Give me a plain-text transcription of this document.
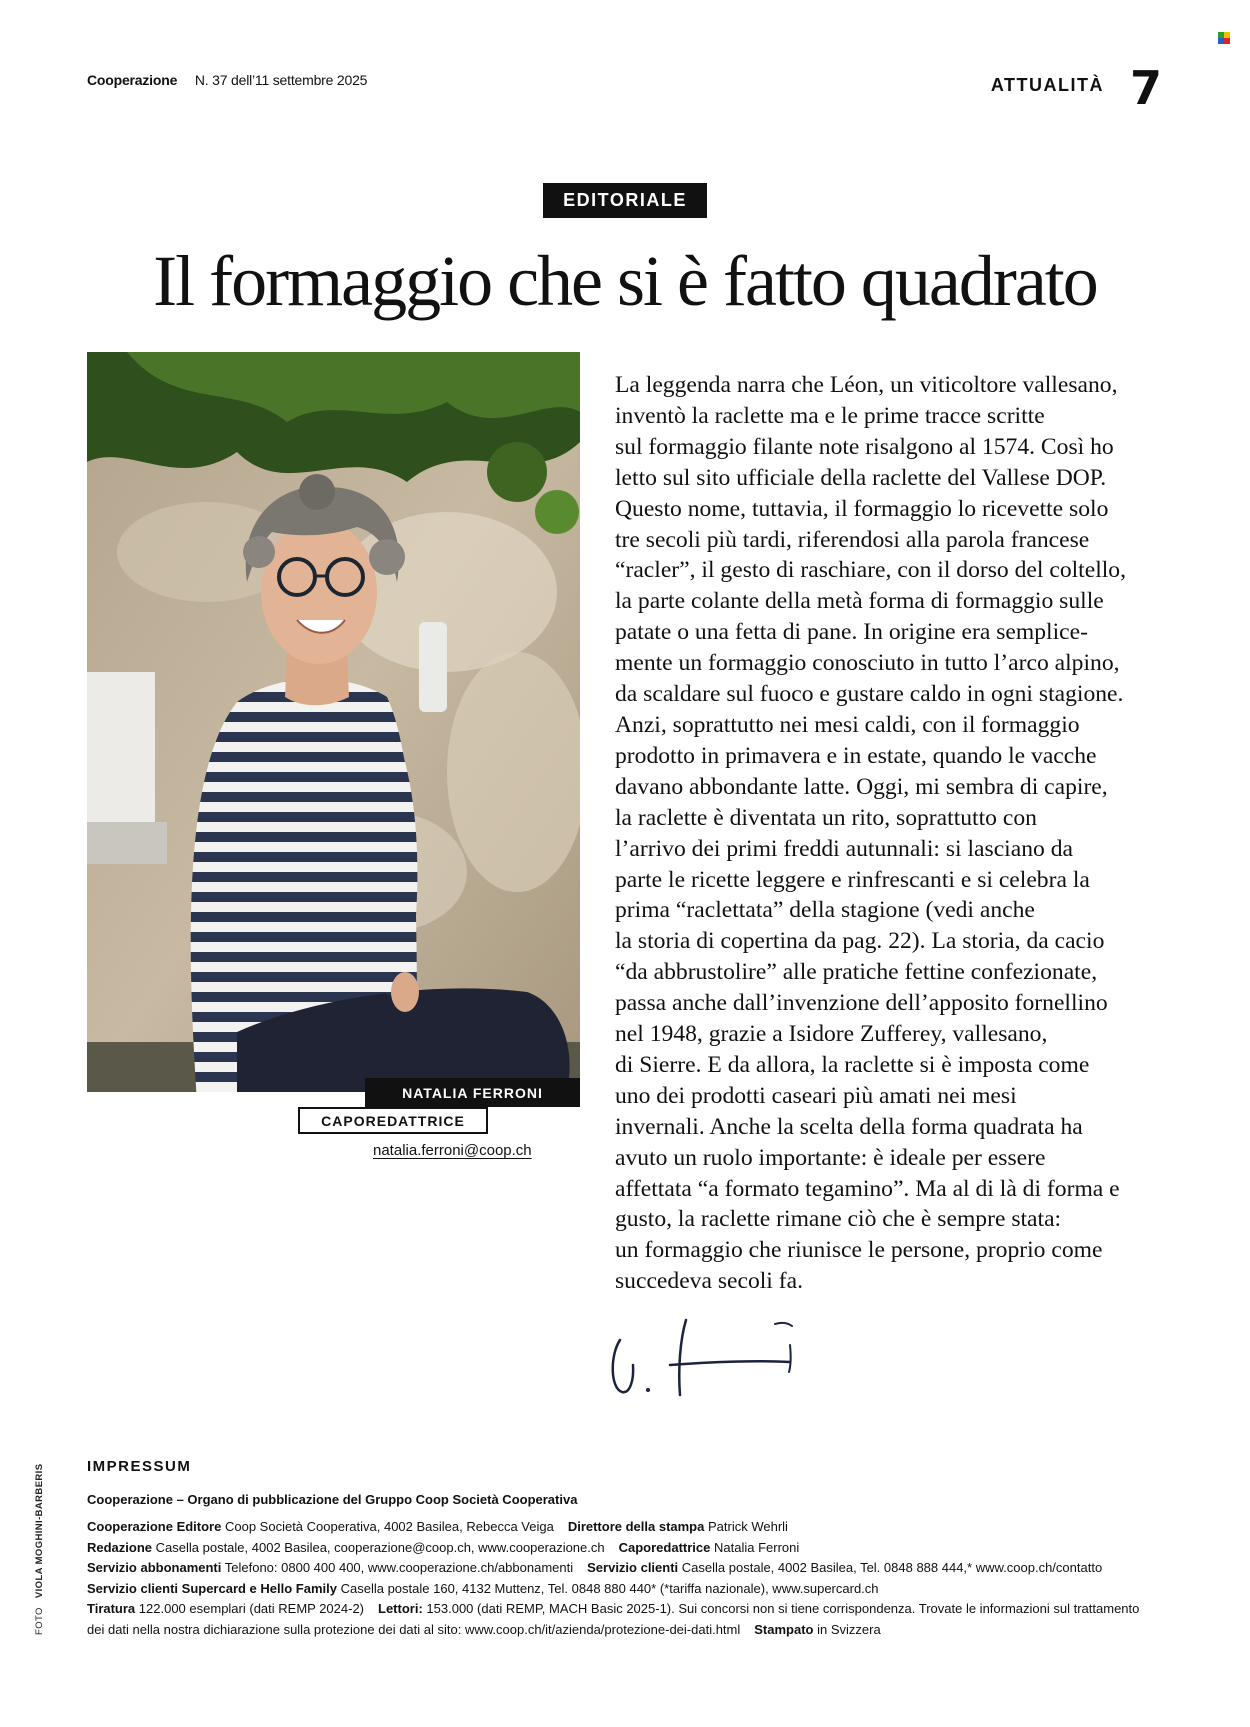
Cooperazione N. 37 dell’11 settembre 2025	ATTUALITÀ 7
EDITORIALE
Il formaggio che si è fatto quadrato
NATALIA FERRONI
CAPOREDATTRICE
natalia.ferroni@coop.ch
La leggenda narra che Léon, un viticoltore vallesano,
inventò la raclette ma e le prime tracce scritte
sul formaggio filante note risalgono al 1574. Così ho
letto sul sito ufficiale della raclette del Vallese DOP.
Questo nome, tuttavia, il formaggio lo ricevette solo
tre secoli più tardi, riferendosi alla parola francese
“racler”, il gesto di raschiare, con il dorso del coltello,
la parte colante della metà forma di formaggio sulle
patate o una fetta di pane. In origine era semplice-
mente un formaggio conosciuto in tutto l’arco alpino,
da scaldare sul fuoco e gustare caldo in ogni stagione.
Anzi, soprattutto nei mesi caldi, con il formaggio
prodotto in primavera e in estate, quando le vacche
davano abbondante latte. Oggi, mi sembra di capire,
la raclette è diventata un rito, soprattutto con
l’arrivo dei primi freddi autunnali: si lasciano da
parte le ricette leggere e rinfrescanti e si celebra la
prima “raclettata” della stagione (vedi anche
la storia di copertina da pag. 22). La storia, da cacio
“da abbrustolire” alle pratiche fettine confezionate,
passa anche dall’invenzione dell’apposito fornellino
nel 1948, grazie a Isidore Zufferey, vallesano,
di Sierre. E da allora, la raclette si è imposta come
uno dei prodotti caseari più amati nei mesi
invernali. Anche la scelta della forma quadrata ha
avuto un ruolo importante: è ideale per essere
affettata “a formato tegamino”. Ma al di là di forma e
gusto, la raclette rimane ciò che è sempre stata:
un formaggio che riunisce le persone, proprio come
succedeva secoli fa.
FOTO VIOLA MOGHINI-BARBERIS	IMPRESSUM
Cooperazione – Organo di pubblicazione del Gruppo Coop Società Cooperativa
Cooperazione Editore Coop Società Cooperativa, 4002 Basilea, Rebecca Veiga Direttore della stampa Patrick Wehrli
Redazione Casella postale, 4002 Basilea, cooperazione@coop.ch, www.cooperazione.ch Caporedattrice Natalia Ferroni
Servizio abbonamenti Telefono: 0800 400 400, www.cooperazione.ch/abbonamenti Servizio clienti Casella postale, 4002 Basilea, Tel. 0848 888 444,* www.coop.ch/contatto
Servizio clienti Supercard e Hello Family Casella postale 160, 4132 Muttenz, Tel. 0848 880 440* (*tariffa nazionale), www.supercard.ch
Tiratura 122.000 esemplari (dati REMP 2024-2) Lettori: 153.000 (dati REMP, MACH Basic 2025-1). Sui concorsi non si tiene corrispondenza. Trovate le informazioni sul trattamento
dei dati nella nostra dichiarazione sulla protezione dei dati al sito: www.coop.ch/it/azienda/protezione-dei-dati.html Stampato in Svizzera
